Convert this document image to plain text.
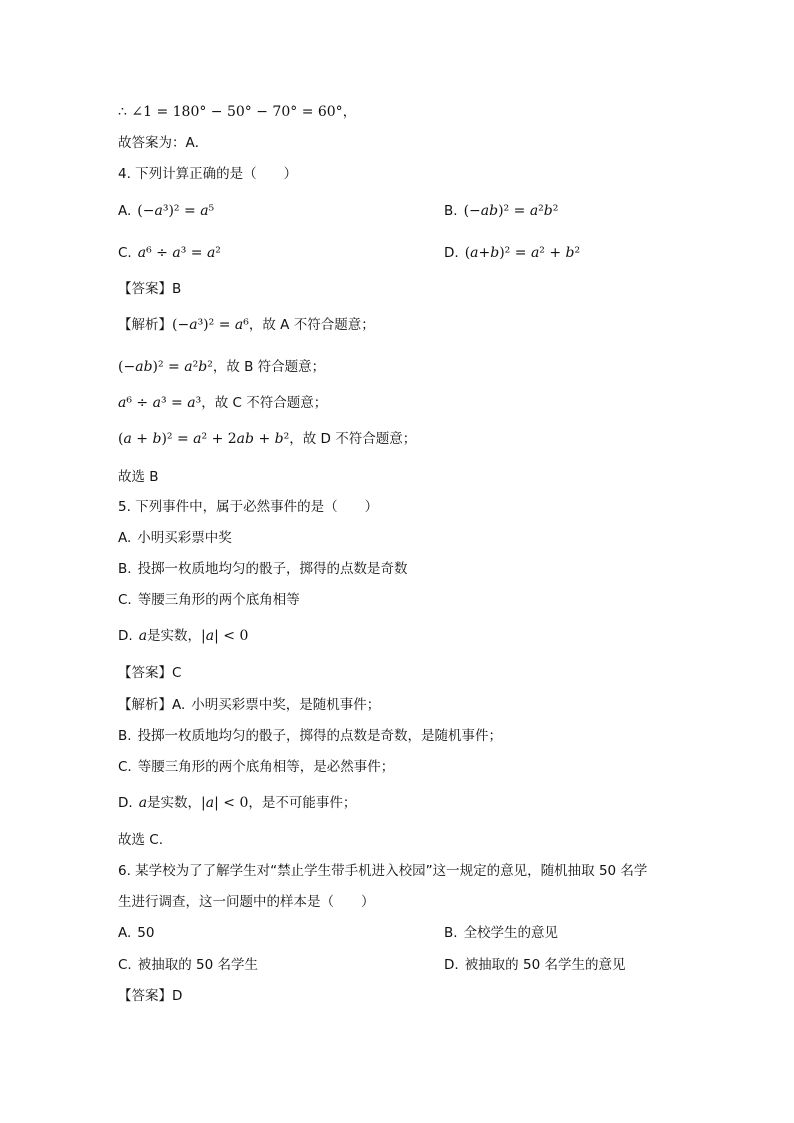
∴ ∠1 = 180° − 50° − 70° = 60°，
故答案为：A．
4. 下列计算正确的是（　　）
A. (−a³)² = a⁵	B. (−ab)² = a²b²
C. a⁶ ÷ a³ = a²	D. (a+b)² = a² + b²
【答案】B
【解析】(−a³)² = a⁶，故 A 不符合题意；
(−ab)² = a²b²，故 B 符合题意；
a⁶ ÷ a³ = a³，故 C 不符合题意；
(a + b)² = a² + 2ab + b²，故 D 不符合题意；
故选 B
5. 下列事件中，属于必然事件的是（　　）
A. 小明买彩票中奖
B. 投掷一枚质地均匀的骰子，掷得的点数是奇数
C. 等腰三角形的两个底角相等
D. a是实数，|a| < 0
【答案】C
【解析】A. 小明买彩票中奖，是随机事件；
B. 投掷一枚质地均匀的骰子，掷得的点数是奇数，是随机事件；
C. 等腰三角形的两个底角相等，是必然事件；
D. a是实数，|a| < 0，是不可能事件；
故选 C.
6. 某学校为了了解学生对“禁止学生带手机进入校园”这一规定的意见，随机抽取 50 名学
生进行调查，这一问题中的样本是（　　）
A. 50	B. 全校学生的意见
C. 被抽取的 50 名学生	D. 被抽取的 50 名学生的意见
【答案】D
